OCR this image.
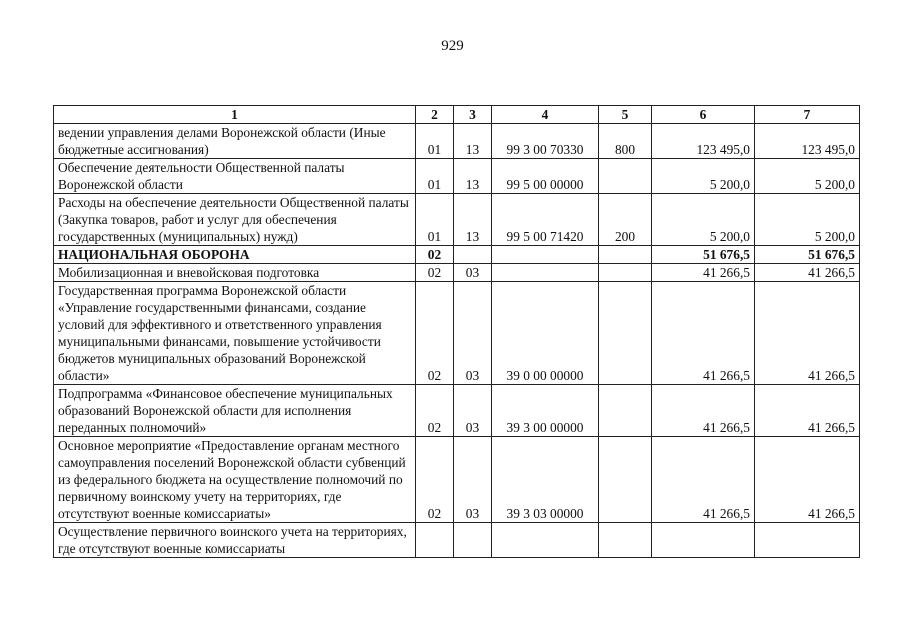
929
1	2	3	4	5	6	7
ведении управления делами Воронежской области (Иные бюджетные ассигнования)	01	13	99 3 00 70330	800	123 495,0	123 495,0
Обеспечение деятельности Общественной палаты Воронежской области	01	13	99 5 00 00000		5 200,0	5 200,0
Расходы на обеспечение деятельности Общественной палаты (Закупка товаров, работ и услуг для обеспечения государственных (муниципальных) нужд)	01	13	99 5 00 71420	200	5 200,0	5 200,0
НАЦИОНАЛЬНАЯ ОБОРОНА	02				51 676,5	51 676,5
Мобилизационная и вневойсковая подготовка	02	03			41 266,5	41 266,5
Государственная программа Воронежской области «Управление государственными финансами, создание условий для эффективного и ответственного управления муниципальными финансами, повышение устойчивости бюджетов муниципальных образований Воронежской области»	02	03	39 0 00 00000		41 266,5	41 266,5
Подпрограмма «Финансовое обеспечение муниципальных образований Воронежской области для исполнения переданных полномочий»	02	03	39 3 00 00000		41 266,5	41 266,5
Основное мероприятие «Предоставление органам местного самоуправления поселений Воронежской области субвенций из федерального бюджета на осуществление полномочий по первичному воинскому учету на территориях, где отсутствуют военные комиссариаты»	02	03	39 3 03 00000		41 266,5	41 266,5
Осуществление первичного воинского учета на территориях, где отсутствуют военные комиссариаты						
